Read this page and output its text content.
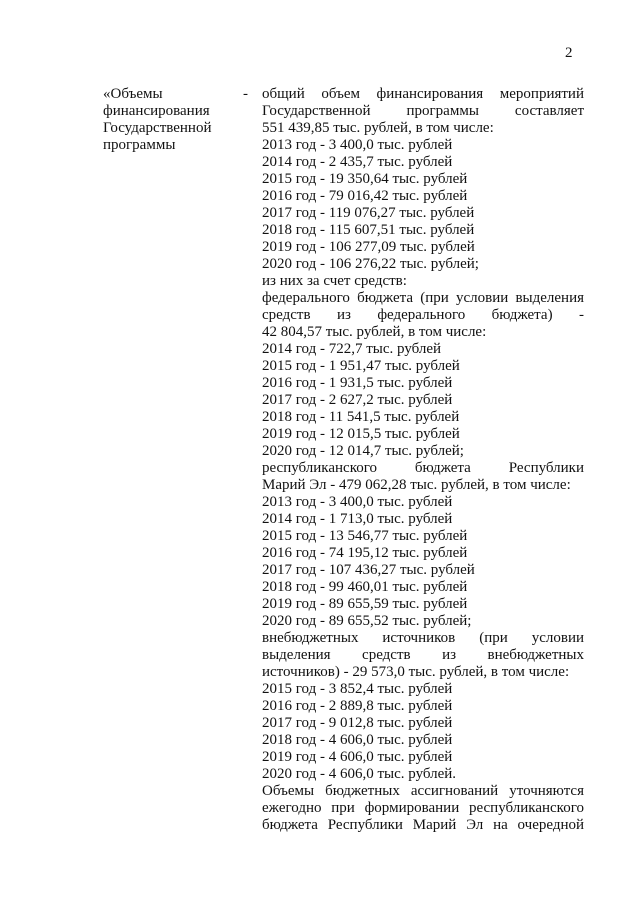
2
«Объемы
финансирования
Государственной
программы
- общий объем финансирования мероприятий
Государственной программы составляет
551 439,85 тыс. рублей, в том числе:
2013 год - 3 400,0 тыс. рублей
2014 год - 2 435,7 тыс. рублей
2015 год - 19 350,64 тыс. рублей
2016 год - 79 016,42 тыс. рублей
2017 год - 119 076,27 тыс. рублей
2018 год - 115 607,51 тыс. рублей
2019 год - 106 277,09 тыс. рублей
2020 год - 106 276,22 тыс. рублей;
из них за счет средств:
федерального бюджета (при условии выделения
средств из федерального бюджета) -
42 804,57 тыс. рублей, в том числе:
2014 год - 722,7 тыс. рублей
2015 год - 1 951,47 тыс. рублей
2016 год - 1 931,5 тыс. рублей
2017 год - 2 627,2 тыс. рублей
2018 год - 11 541,5 тыс. рублей
2019 год - 12 015,5 тыс. рублей
2020 год - 12 014,7 тыс. рублей;
республиканского бюджета Республики
Марий Эл - 479 062,28 тыс. рублей, в том числе:
2013 год - 3 400,0 тыс. рублей
2014 год - 1 713,0 тыс. рублей
2015 год - 13 546,77 тыс. рублей
2016 год - 74 195,12 тыс. рублей
2017 год - 107 436,27 тыс. рублей
2018 год - 99 460,01 тыс. рублей
2019 год - 89 655,59 тыс. рублей
2020 год - 89 655,52 тыс. рублей;
внебюджетных источников (при условии
выделения средств из внебюджетных
источников) - 29 573,0 тыс. рублей, в том числе:
2015 год - 3 852,4 тыс. рублей
2016 год - 2 889,8 тыс. рублей
2017 год - 9 012,8 тыс. рублей
2018 год - 4 606,0 тыс. рублей
2019 год - 4 606,0 тыс. рублей
2020 год - 4 606,0 тыс. рублей.
Объемы бюджетных ассигнований уточняются
ежегодно при формировании республиканского
бюджета Республики Марий Эл на очередной
